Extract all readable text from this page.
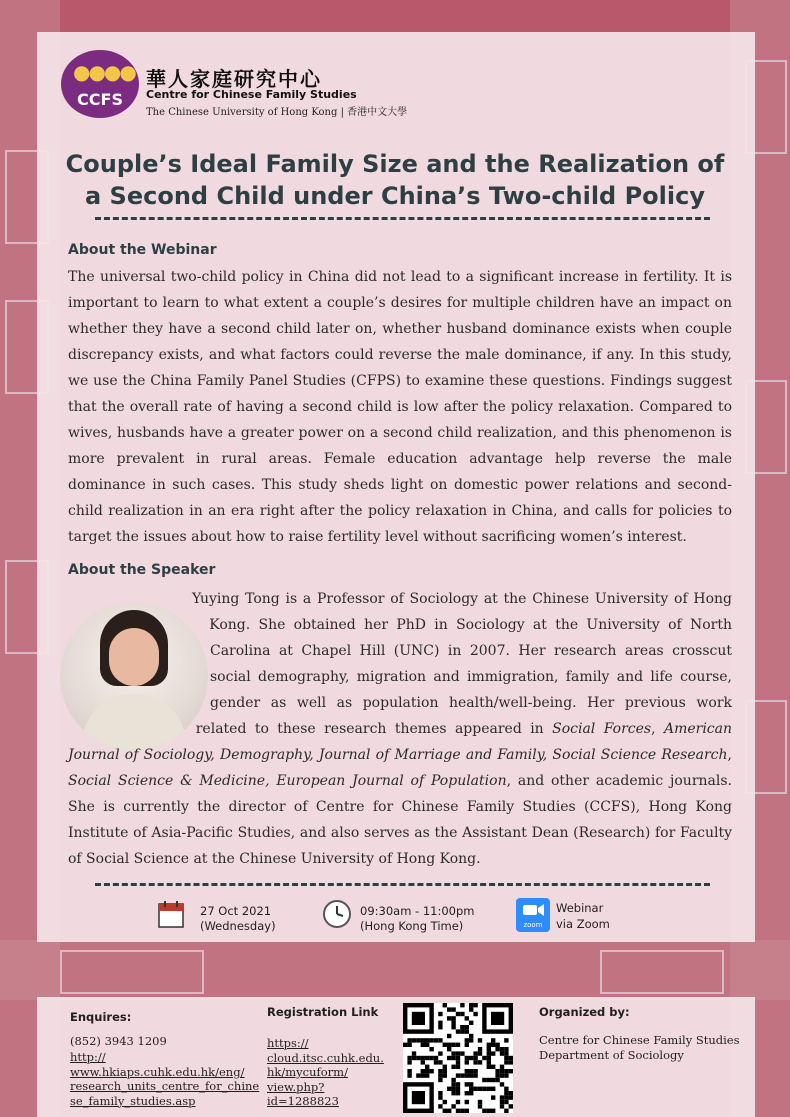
●●●●
CCFS
華人家庭研究中心
Centre for Chinese Family Studies
The Chinese University of Hong Kong | 香港中文大學
Couple’s Ideal Family Size and the Realization of a Second Child under China’s Two-child Policy
About the Webinar
The universal two-child policy in China did not lead to a significant increase in fertility. It is important to learn to what extent a couple’s desires for multiple children have an impact on whether they have a second child later on, whether husband dominance exists when couple discrepancy exists, and what factors could reverse the male dominance, if any. In this study, we use the China Family Panel Studies (CFPS) to examine these questions. Findings suggest that the overall rate of having a second child is low after the policy relaxation. Compared to wives, husbands have a greater power on a second child realization, and this phenomenon is more prevalent in rural areas. Female education advantage help reverse the male dominance in such cases. This study sheds light on domestic power relations and second-child realization in an era right after the policy relaxation in China, and calls for policies to target the issues about how to raise fertility level without sacrificing women’s interest.
About the Speaker
Yuying Tong is a Professor of Sociology at the Chinese University of Hong Kong. She obtained her PhD in Sociology at the University of North Carolina at Chapel Hill (UNC) in 2007. Her research areas crosscut social demography, migration and immigration, family and life course, gender as well as population health/well-being. Her previous work related to these research themes appeared in Social Forces, American Journal of Sociology, Demography, Journal of Marriage and Family, Social Science Research, Social Science & Medicine, European Journal of Population, and other academic journals. She is currently the director of Centre for Chinese Family Studies (CCFS), Hong Kong Institute of Asia-Pacific Studies, and also serves as the Assistant Dean (Research) for Faculty of Social Science at the Chinese University of Hong Kong.
27 Oct 2021
(Wednesday)
09:30am - 11:00pm
(Hong Kong Time)	zoom
Webinar
via Zoom
Enquires:
(852) 3943 1209
http://
www.hkiaps.cuhk.edu.hk/eng/
research_units_centre_for_chine
se_family_studies.asp
Registration Link
https://
cloud.itsc.cuhk.edu.
hk/mycuform/
view.php?
id=1288823
Organized by:
Centre for Chinese Family Studies
Department of Sociology
